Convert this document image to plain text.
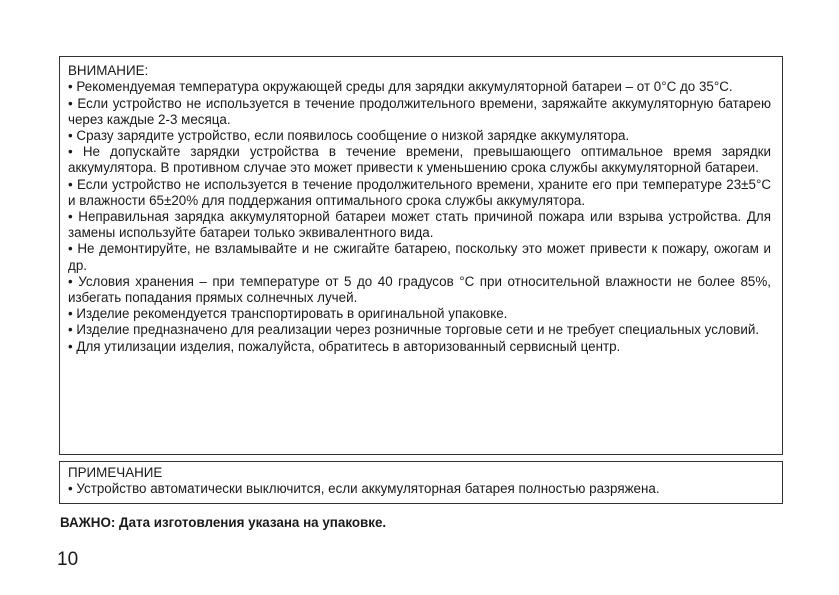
ВНИМАНИЕ:

• Рекомендуемая температура окружающей среды для зарядки аккумуляторной батареи – от 0°С до 35°С.

• Если устройство не используется в течение продолжительного времени, заряжайте аккумуляторную батарею через каждые 2-3 месяца.

• Сразу зарядите устройство, если появилось сообщение о низкой зарядке аккумулятора.

• Не допускайте зарядки устройства в течение времени, превышающего оптимальное время зарядки аккумулятора. В противном случае это может привести к уменьшению срока службы аккумуляторной батареи.

• Если устройство не используется в течение продолжительного времени, храните его при температуре 23±5°С и влажности 65±20% для поддержания оптимального срока службы аккумулятора.

• Неправильная зарядка аккумуляторной батареи может стать причиной пожара или взрыва устройства. Для замены используйте батареи только эквивалентного вида.

• Не демонтируйте, не взламывайте и не сжигайте батарею, поскольку это может привести к пожару, ожогам и др.

• Условия хранения – при температуре от 5 до 40 градусов °С при относительной влажности не более 85%, избегать попадания прямых солнечных лучей.

• Изделие рекомендуется транспортировать в оригинальной упаковке.

• Изделие предназначено для реализации через розничные торговые сети и не требует специальных условий.

• Для утилизации изделия, пожалуйста, обратитесь в авторизованный сервисный центр.

ПРИМЕЧАНИЕ

• Устройство автоматически выключится, если аккумуляторная батарея полностью разряжена.

ВАЖНО: Дата изготовления указана на упаковке.

10
